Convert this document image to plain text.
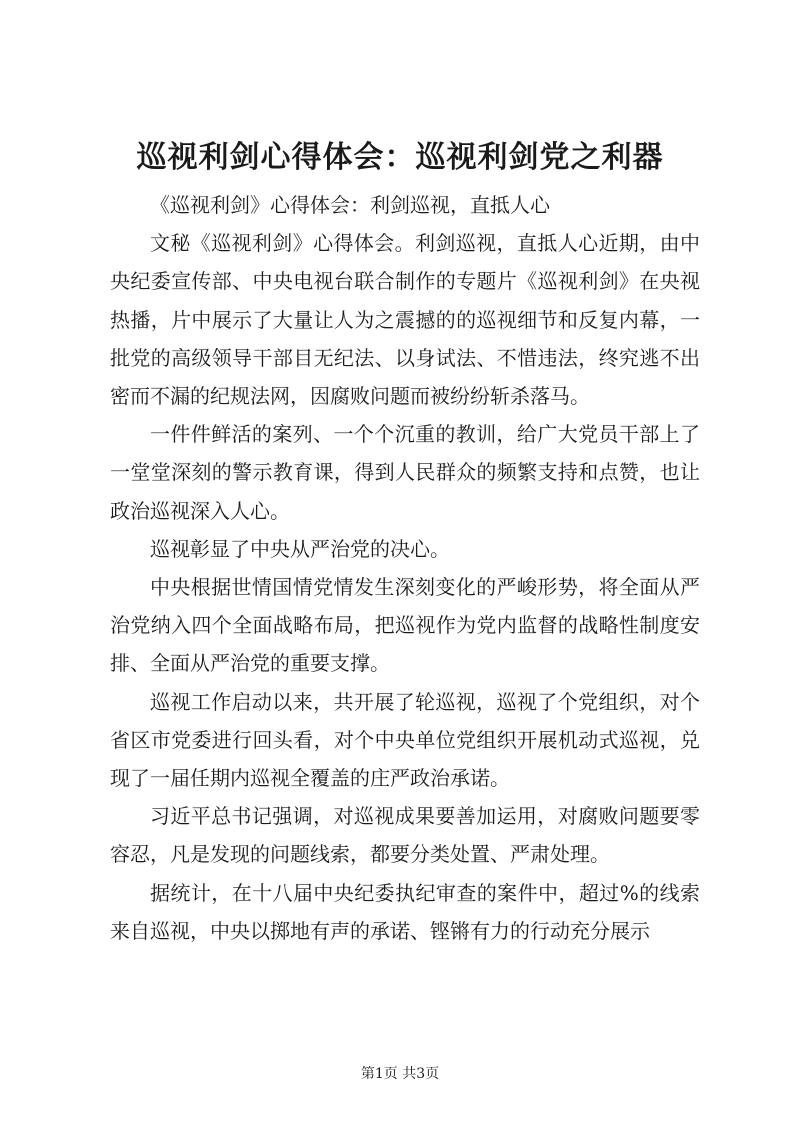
巡视利剑心得体会：巡视利剑党之利器

《巡视利剑》心得体会：利剑巡视，直抵人心

文秘《巡视利剑》心得体会。利剑巡视，直抵人心近期，由中央纪委宣传部、中央电视台联合制作的专题片《巡视利剑》在央视热播，片中展示了大量让人为之震撼的的巡视细节和反复内幕，一批党的高级领导干部目无纪法、以身试法、不惜违法，终究逃不出密而不漏的纪规法网，因腐败问题而被纷纷斩杀落马。

一件件鲜活的案列、一个个沉重的教训，给广大党员干部上了一堂堂深刻的警示教育课，得到人民群众的频繁支持和点赞，也让政治巡视深入人心。

巡视彰显了中央从严治党的决心。

中央根据世情国情党情发生深刻变化的严峻形势，将全面从严治党纳入四个全面战略布局，把巡视作为党内监督的战略性制度安排、全面从严治党的重要支撑。

巡视工作启动以来，共开展了轮巡视，巡视了个党组织，对个省区市党委进行回头看，对个中央单位党组织开展机动式巡视，兑现了一届任期内巡视全覆盖的庄严政治承诺。

习近平总书记强调，对巡视成果要善加运用，对腐败问题要零容忍，凡是发现的问题线索，都要分类处置、严肃处理。

据统计，在十八届中央纪委执纪审查的案件中，超过%的线索来自巡视，中央以掷地有声的承诺、铿锵有力的行动充分展示

第1页 共3页
